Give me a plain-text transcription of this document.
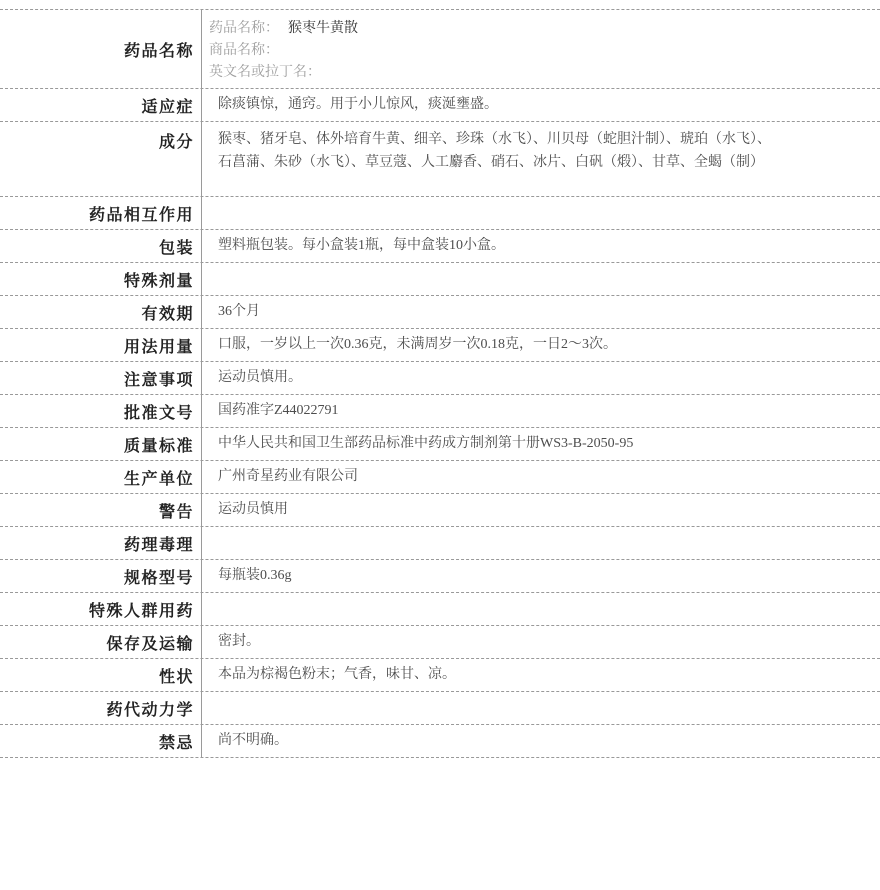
药品名称
药品名称： 猴枣牛黄散
商品名称：
英文名或拉丁名：
适应症	除痰镇惊，通窍。用于小儿惊风，痰涎壅盛。
成分	猴枣、猪牙皂、体外培育牛黄、细辛、珍珠（水飞）、川贝母（蛇胆汁制）、琥珀（水飞）、石菖蒲、朱砂（水飞）、草豆蔻、人工麝香、硝石、冰片、白矾（煅）、甘草、全蝎（制）
药品相互作用
包装	塑料瓶包装。每小盒装1瓶，每中盒装10小盒。
特殊剂量
有效期	36个月
用法用量	口服，一岁以上一次0.36克，未满周岁一次0.18克，一日2～3次。
注意事项	运动员慎用。
批准文号	国药准字Z44022791
质量标准	中华人民共和国卫生部药品标准中药成方制剂第十册WS3-B-2050-95
生产单位	广州奇星药业有限公司
警告	运动员慎用
药理毒理
规格型号	每瓶装0.36g
特殊人群用药
保存及运输	密封。
性状	本品为棕褐色粉末；气香，味甘、凉。
药代动力学
禁忌	尚不明确。
